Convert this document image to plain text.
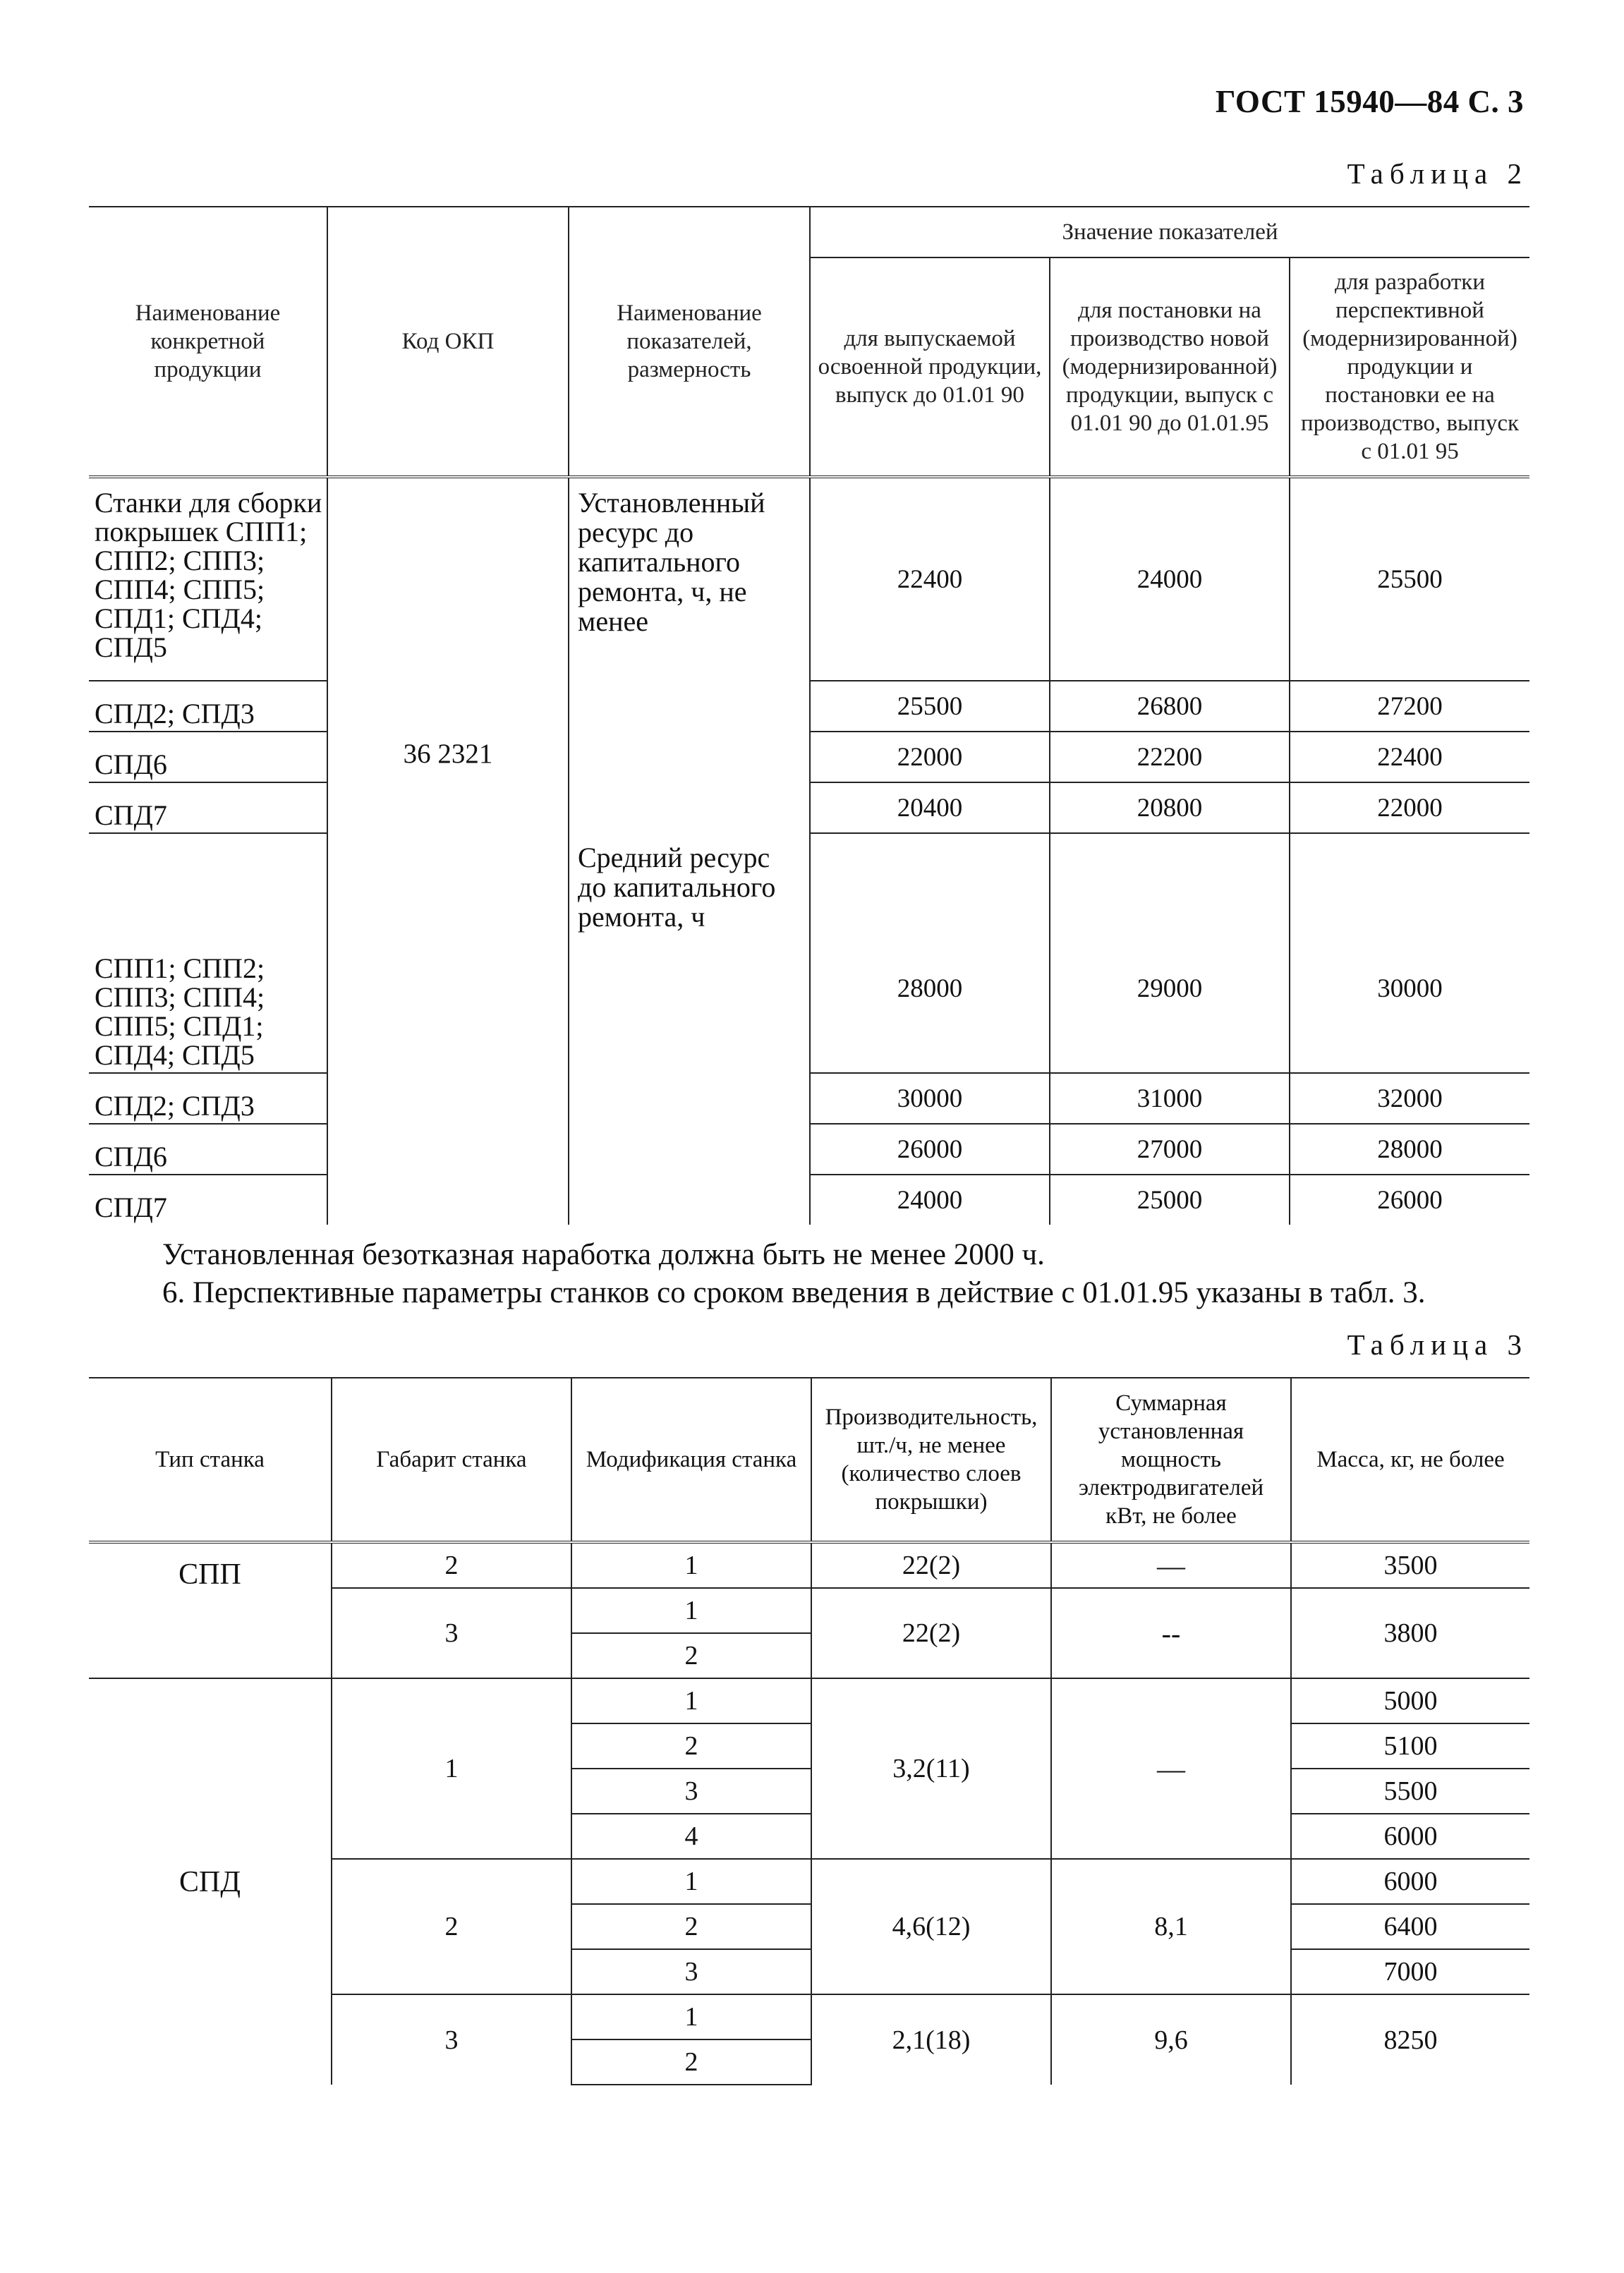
ГОСТ 15940—84 С. 3
Таблица 2
Наименование конкретной продукции	Код ОКП	Наименование показателей, размерность	Значение показателей		
			для выпускаемой освоенной продукции, выпуск до 01.01 90	для постановки на производство новой (модернизированной) продукции, выпуск с 01.01 90 до 01.01.95	для разработки перспективной (модернизированной) продукции и постановки ее на производство, выпуск с 01.01 95
Станки для сборки покрышек СПП1; СПП2; СПП3; СПП4; СПП5; СПД1; СПД4; СПД5	36 2321	Установленный ресурс до капитального ремонта, ч, не менее	22400	24000	25500
СПД2; СПД3			25500	26800	27200
СПД6			22000	22200	22400
СПД7			20400	20800	22000
СПП1; СПП2; СПП3; СПП4; СПП5; СПД1; СПД4; СПД5		Средний ресурс до капитального ремонта, ч	28000	29000	30000
СПД2; СПД3			30000	31000	32000
СПД6			26000	27000	28000
СПД7			24000	25000	26000
Установленная безотказная наработка должна быть не менее 2000 ч.
6. Перспективные параметры станков со сроком введения в действие с 01.01.95 указаны в табл. 3.
Таблица 3
Тип станка	Габарит станка	Модификация станка	Производительность, шт./ч, не менее (количество слоев покрышки)	Суммарная установленная мощность электродвигателей кВт, не более	Масса, кг, не более
СПП	2	1	22(2)	—	3500
	3	1	22(2)	--	3800
		2			
СПД	1	1	3,2(11)	—	5000
		2			5100
		3			5500
		4			6000
	2	1	4,6(12)	8,1	6000
		2			6400
		3			7000
	3	1	2,1(18)	9,6	8250
		2			
